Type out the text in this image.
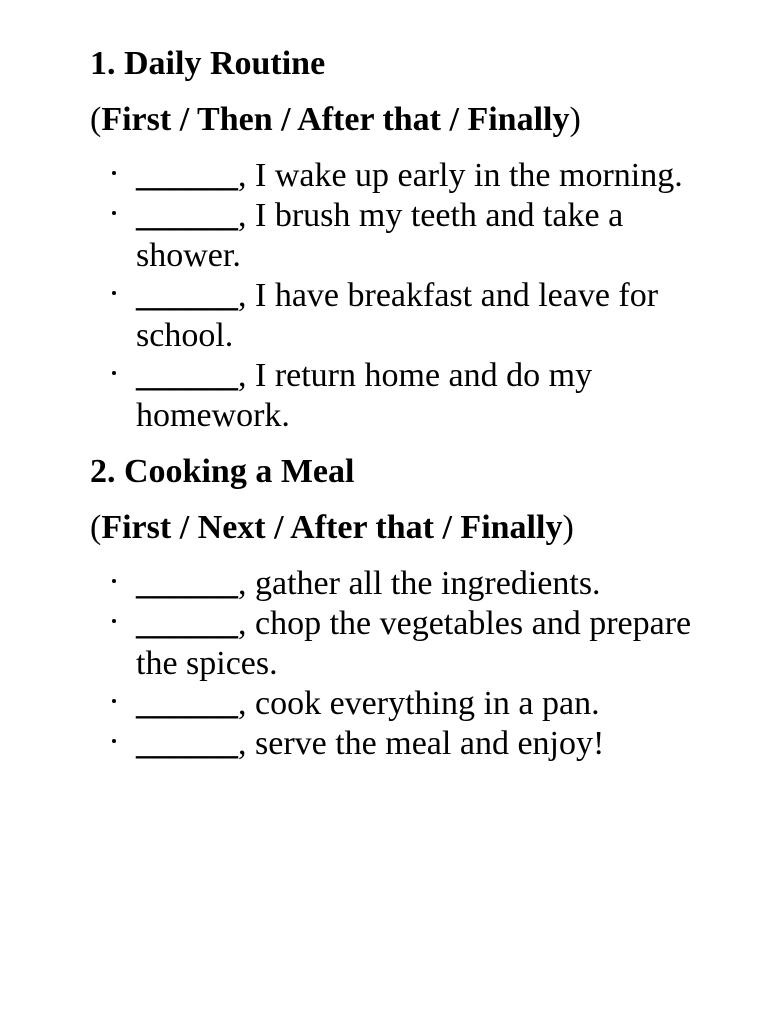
1. Daily Routine

(First / Then / After that / Finally)

______, I wake up early in the morning.
______, I brush my teeth and take a shower.
______, I have breakfast and leave for school.
______, I return home and do my homework.
2. Cooking a Meal

(First / Next / After that / Finally)

______, gather all the ingredients.
______, chop the vegetables and prepare the spices.
______, cook everything in a pan.
______, serve the meal and enjoy!
